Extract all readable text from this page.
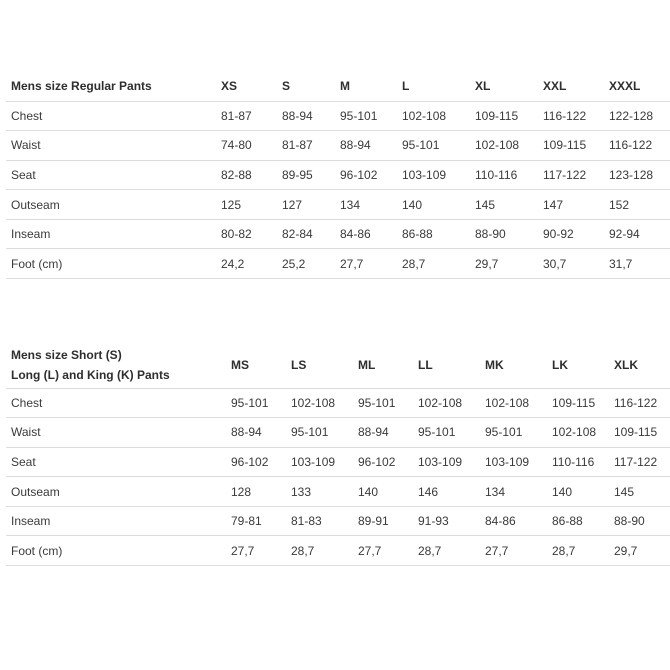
Mens size Regular Pants	XS	S	M	L	XL	XXL	XXXL
Chest	81-87	88-94	95-101	102-108	109-115	116-122	122-128
Waist	74-80	81-87	88-94	95-101	102-108	109-115	116-122
Seat	82-88	89-95	96-102	103-109	110-116	117-122	123-128
Outseam	125	127	134	140	145	147	152
Inseam	80-82	82-84	84-86	86-88	88-90	90-92	92-94
Foot (cm)	24,2	25,2	27,7	28,7	29,7	30,7	31,7
Mens size Short (S)
Long (L) and King (K) Pants	MS	LS	ML	LL	MK	LK	XLK
Chest	95-101	102-108	95-101	102-108	102-108	109-115	116-122
Waist	88-94	95-101	88-94	95-101	95-101	102-108	109-115
Seat	96-102	103-109	96-102	103-109	103-109	110-116	117-122
Outseam	128	133	140	146	134	140	145
Inseam	79-81	81-83	89-91	91-93	84-86	86-88	88-90
Foot (cm)	27,7	28,7	27,7	28,7	27,7	28,7	29,7
